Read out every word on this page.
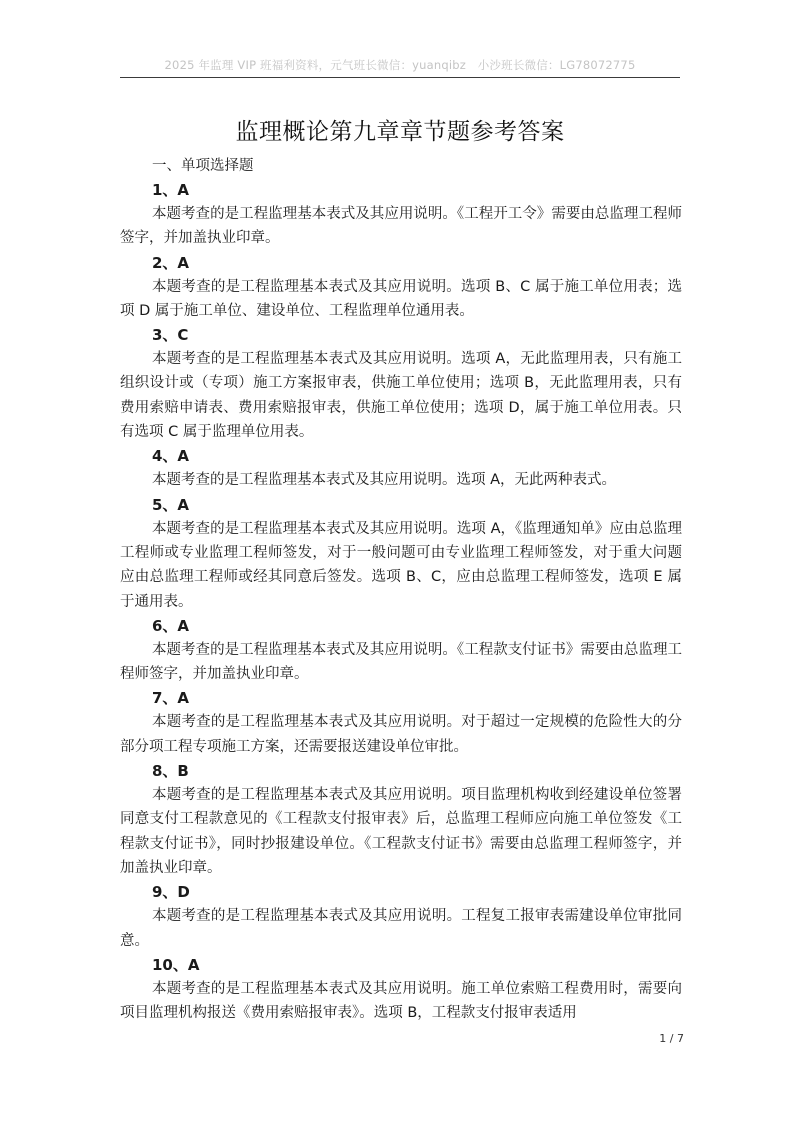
2025 年监理 VIP 班福利资料，元气班长微信：yuanqibz　小沙班长微信：LG78072775
监理概论第九章章节题参考答案

一、单项选择题

1、A

本题考查的是工程监理基本表式及其应用说明。《工程开工令》需要由总监理工程师签字，并加盖执业印章。

2、A

本题考查的是工程监理基本表式及其应用说明。选项 B、C 属于施工单位用表；选项 D 属于施工单位、建设单位、工程监理单位通用表。

3、C

本题考查的是工程监理基本表式及其应用说明。选项 A，无此监理用表，只有施工组织设计或（专项）施工方案报审表，供施工单位使用；选项 B，无此监理用表，只有费用索赔申请表、费用索赔报审表，供施工单位使用；选项 D，属于施工单位用表。只有选项 C 属于监理单位用表。

4、A

本题考查的是工程监理基本表式及其应用说明。选项 A，无此两种表式。

5、A

本题考查的是工程监理基本表式及其应用说明。选项 A，《监理通知单》应由总监理工程师或专业监理工程师签发，对于一般问题可由专业监理工程师签发，对于重大问题应由总监理工程师或经其同意后签发。选项 B、C，应由总监理工程师签发，选项 E 属于通用表。

6、A

本题考查的是工程监理基本表式及其应用说明。《工程款支付证书》需要由总监理工程师签字，并加盖执业印章。

7、A

本题考查的是工程监理基本表式及其应用说明。对于超过一定规模的危险性大的分部分项工程专项施工方案，还需要报送建设单位审批。

8、B

本题考查的是工程监理基本表式及其应用说明。项目监理机构收到经建设单位签署同意支付工程款意见的《工程款支付报审表》后，总监理工程师应向施工单位签发《工程款支付证书》，同时抄报建设单位。《工程款支付证书》需要由总监理工程师签字，并加盖执业印章。

9、D

本题考查的是工程监理基本表式及其应用说明。工程复工报审表需建设单位审批同意。

10、A

本题考查的是工程监理基本表式及其应用说明。施工单位索赔工程费用时，需要向项目监理机构报送《费用索赔报审表》。选项 B，工程款支付报审表适用

1 / 7
